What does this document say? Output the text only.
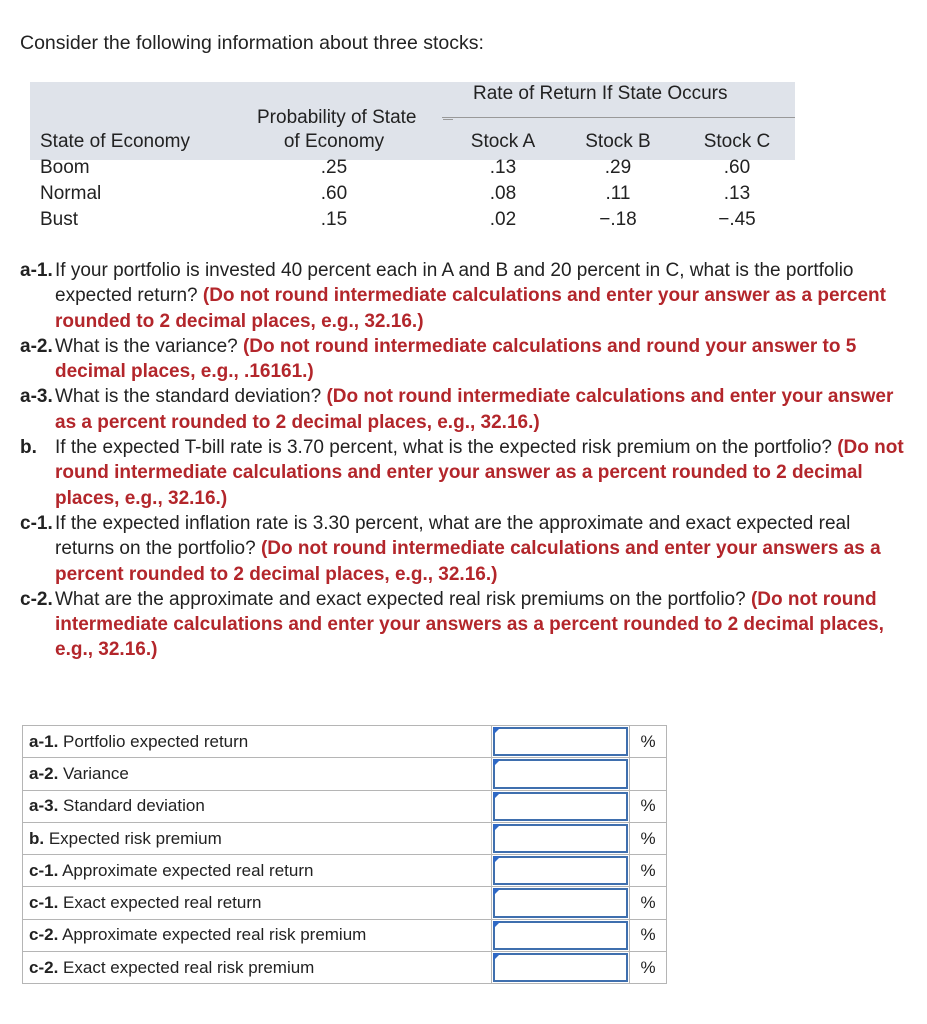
Consider the following information about three stocks:
Rate of Return If State Occurs
Probability of State
State of Economy	of Economy	Stock A	Stock B	Stock C
Boom	.25	.13	.29	.60
Normal	.60	.08	.11	.13
Bust	.15	.02	−.18	−.45
a-1. If your portfolio is invested 40 percent each in A and B and 20 percent in C, what is the portfolio expected return? (Do not round intermediate calculations and enter your answer as a percent rounded to 2 decimal places, e.g., 32.16.)
a-2. What is the variance? (Do not round intermediate calculations and round your answer to 5 decimal places, e.g., .16161.)
a-3. What is the standard deviation? (Do not round intermediate calculations and enter your answer as a percent rounded to 2 decimal places, e.g., 32.16.)
b. If the expected T-bill rate is 3.70 percent, what is the expected risk premium on the portfolio? (Do not round intermediate calculations and enter your answer as a percent rounded to 2 decimal places, e.g., 32.16.)
c-1. If the expected inflation rate is 3.30 percent, what are the approximate and exact expected real returns on the portfolio? (Do not round intermediate calculations and enter your answers as a percent rounded to 2 decimal places, e.g., 32.16.)
c-2. What are the approximate and exact expected real risk premiums on the portfolio? (Do not round intermediate calculations and enter your answers as a percent rounded to 2 decimal places, e.g., 32.16.)
a-1. Portfolio expected return		%
a-2. Variance	

a-3. Standard deviation		%
b. Expected risk premium		%
c-1. Approximate expected real return		%
c-1. Exact expected real return		%
c-2. Approximate expected real risk premium		%
c-2. Exact expected real risk premium		%
